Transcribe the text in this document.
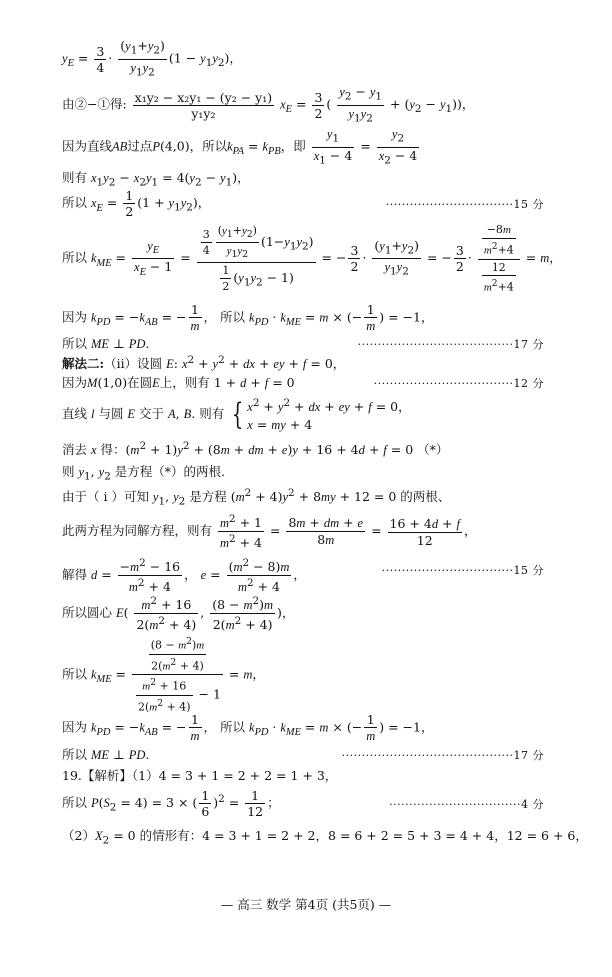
$y_E = \frac{3}{4} \cdot \frac{(y_1+y_2)}{y_1y_2} (1 - y_1y_2)$，
由②−①得: $\frac{\text{x₁y₂ − x₂y₁ − (y₂ − y₁)}}{\text{y₁y₂}} x_E = \frac{3}{2}$ ( $\frac{y_2 - y_1}{y_1y_2} + (y_2 - y_1)$)，
因为直线AB过点P(4,0)，所以$k_{PA} = k_{PB}$，即 $\frac{y_1}{x_1 - 4} = \frac{y_2}{x_2 - 4}$
则有 $x_1y_2 - x_2y_1 = 4(y_2 - y_1)$，
所以 $x_E = \frac{1}{2} (1 + y_1y_2)$，	································15 分
所以 $k_{ME} = \frac{y_E}{x_E - 1} = \frac{\frac{3}{4} \frac{(y_1+y_2)}{y_1y_2} (1-y_1y_2)}{\frac{1}{2} (y_1y_2 - 1)}$ = − $\frac{3}{2} \cdot \frac{(y_1+y_2)}{y_1y_2}$ = − $\frac{3}{2} \cdot \frac{\frac{-8m}{m^2+4}}{\frac{12}{m^2+4}} = m$，
因为 $k_{PD} = -k_{AB}$ = − $\frac{1}{m}$ ， 所以 $k_{PD} \cdot k_{ME} = m$ × (− $\frac{1}{m}$ ) = −1，
所以 ME ⊥ PD.	·······································17 分
解法二:（ii）设圆 E: $x^2 + y^2$ + dx + ey + f = 0，
因为M(1,0)在圆E上，则有 1 + d + f = 0	···································12 分
直线 l 与圆 E 交于 A, B. 则有 { $x^2 + y^2$ + dx + ey + f = 0，
x = my + 4
消去 x 得：$(m^2 + 1)y^2 + (8m$ + dm + e)y + 16 + 4d + f = 0 （*）
则 $y_1$, $y_2$ 是方程（*）的两根.
由于（ i ）可知 $y_1$, $y_2$ 是方程 $(m^2 + 4)y^2 + 8my + 12 = 0$ 的两根、
此两方程为同解方程，则有 $\frac{m^2 + 1}{m^2 + 4} = \frac{8m + dm + e}{8m} = \frac{16 + 4d + f}{12}$ ，
解得 $d = \frac{-m^2 - 16}{m^2 + 4}$ ， $e = \frac{(m^2 - 8)m}{m^2 + 4}$ ，	·································15 分
所以圆心 $E( \frac{m^2 + 16}{2(m^2 + 4)}$ , $\frac{(8 - m^2)m}{2(m^2 + 4)}$ )，
所以 $k_{ME} = \frac{\frac{(8 - m^2)m}{2(m^2 + 4)}}{\frac{m^2 + 16}{2(m^2 + 4)} - 1} = m$，
因为 $k_{PD} = -k_{AB}$ = − $\frac{1}{m}$ ， 所以 $k_{PD} \cdot k_{ME} = m$ × (− $\frac{1}{m}$ ) = −1，
所以 ME ⊥ PD.	···········································17 分
19.【解析】（1）4 = 3 + 1 = 2 + 2 = 1 + 3，
所以 $P(S_2 = 4) = 3$ × ( $\frac{1}{6} )^2 = \frac{1}{12}$ ；	·································4 分
$(2)X_2 = 0$ 的情形有：4 = 3 + 1 = 2 + 2，8 = 6 + 2 = 5 + 3 = 4 + 4，12 = 6 + 6，
— 高三 数学 第4页 (共5页) —
